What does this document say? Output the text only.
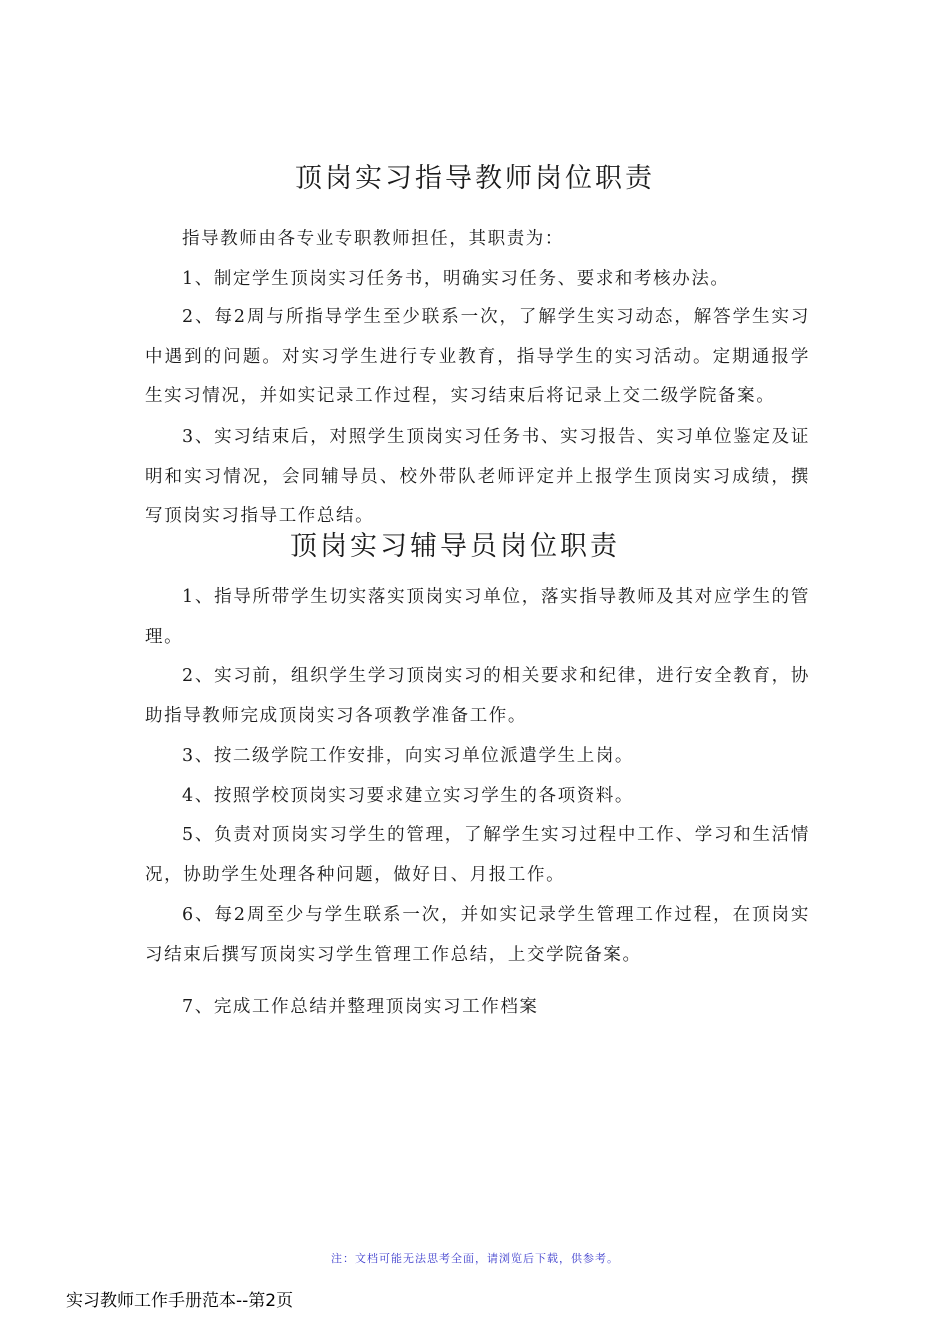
顶岗实习指导教师岗位职责

指导教师由各专业专职教师担任，其职责为：

1、制定学生顶岗实习任务书，明确实习任务、要求和考核办法。

2、每2周与所指导学生至少联系一次，了解学生实习动态，解答学生实习中遇到的问题。对实习学生进行专业教育，指导学生的实习活动。定期通报学生实习情况，并如实记录工作过程，实习结束后将记录上交二级学院备案。

3、实习结束后，对照学生顶岗实习任务书、实习报告、实习单位鉴定及证明和实习情况，会同辅导员、校外带队老师评定并上报学生顶岗实习成绩，撰写顶岗实习指导工作总结。

顶岗实习辅导员岗位职责

1、指导所带学生切实落实顶岗实习单位，落实指导教师及其对应学生的管理。

2、实习前，组织学生学习顶岗实习的相关要求和纪律，进行安全教育，协助指导教师完成顶岗实习各项教学准备工作。

3、按二级学院工作安排，向实习单位派遣学生上岗。

4、按照学校顶岗实习要求建立实习学生的各项资料。

5、负责对顶岗实习学生的管理，了解学生实习过程中工作、学习和生活情况，协助学生处理各种问题，做好日、月报工作。

6、每2周至少与学生联系一次，并如实记录学生管理工作过程，在顶岗实习结束后撰写顶岗实习学生管理工作总结，上交学院备案。

7、完成工作总结并整理顶岗实习工作档案

注：文档可能无法思考全面，请浏览后下载，供参考。
实习教师工作手册范本--第2页
